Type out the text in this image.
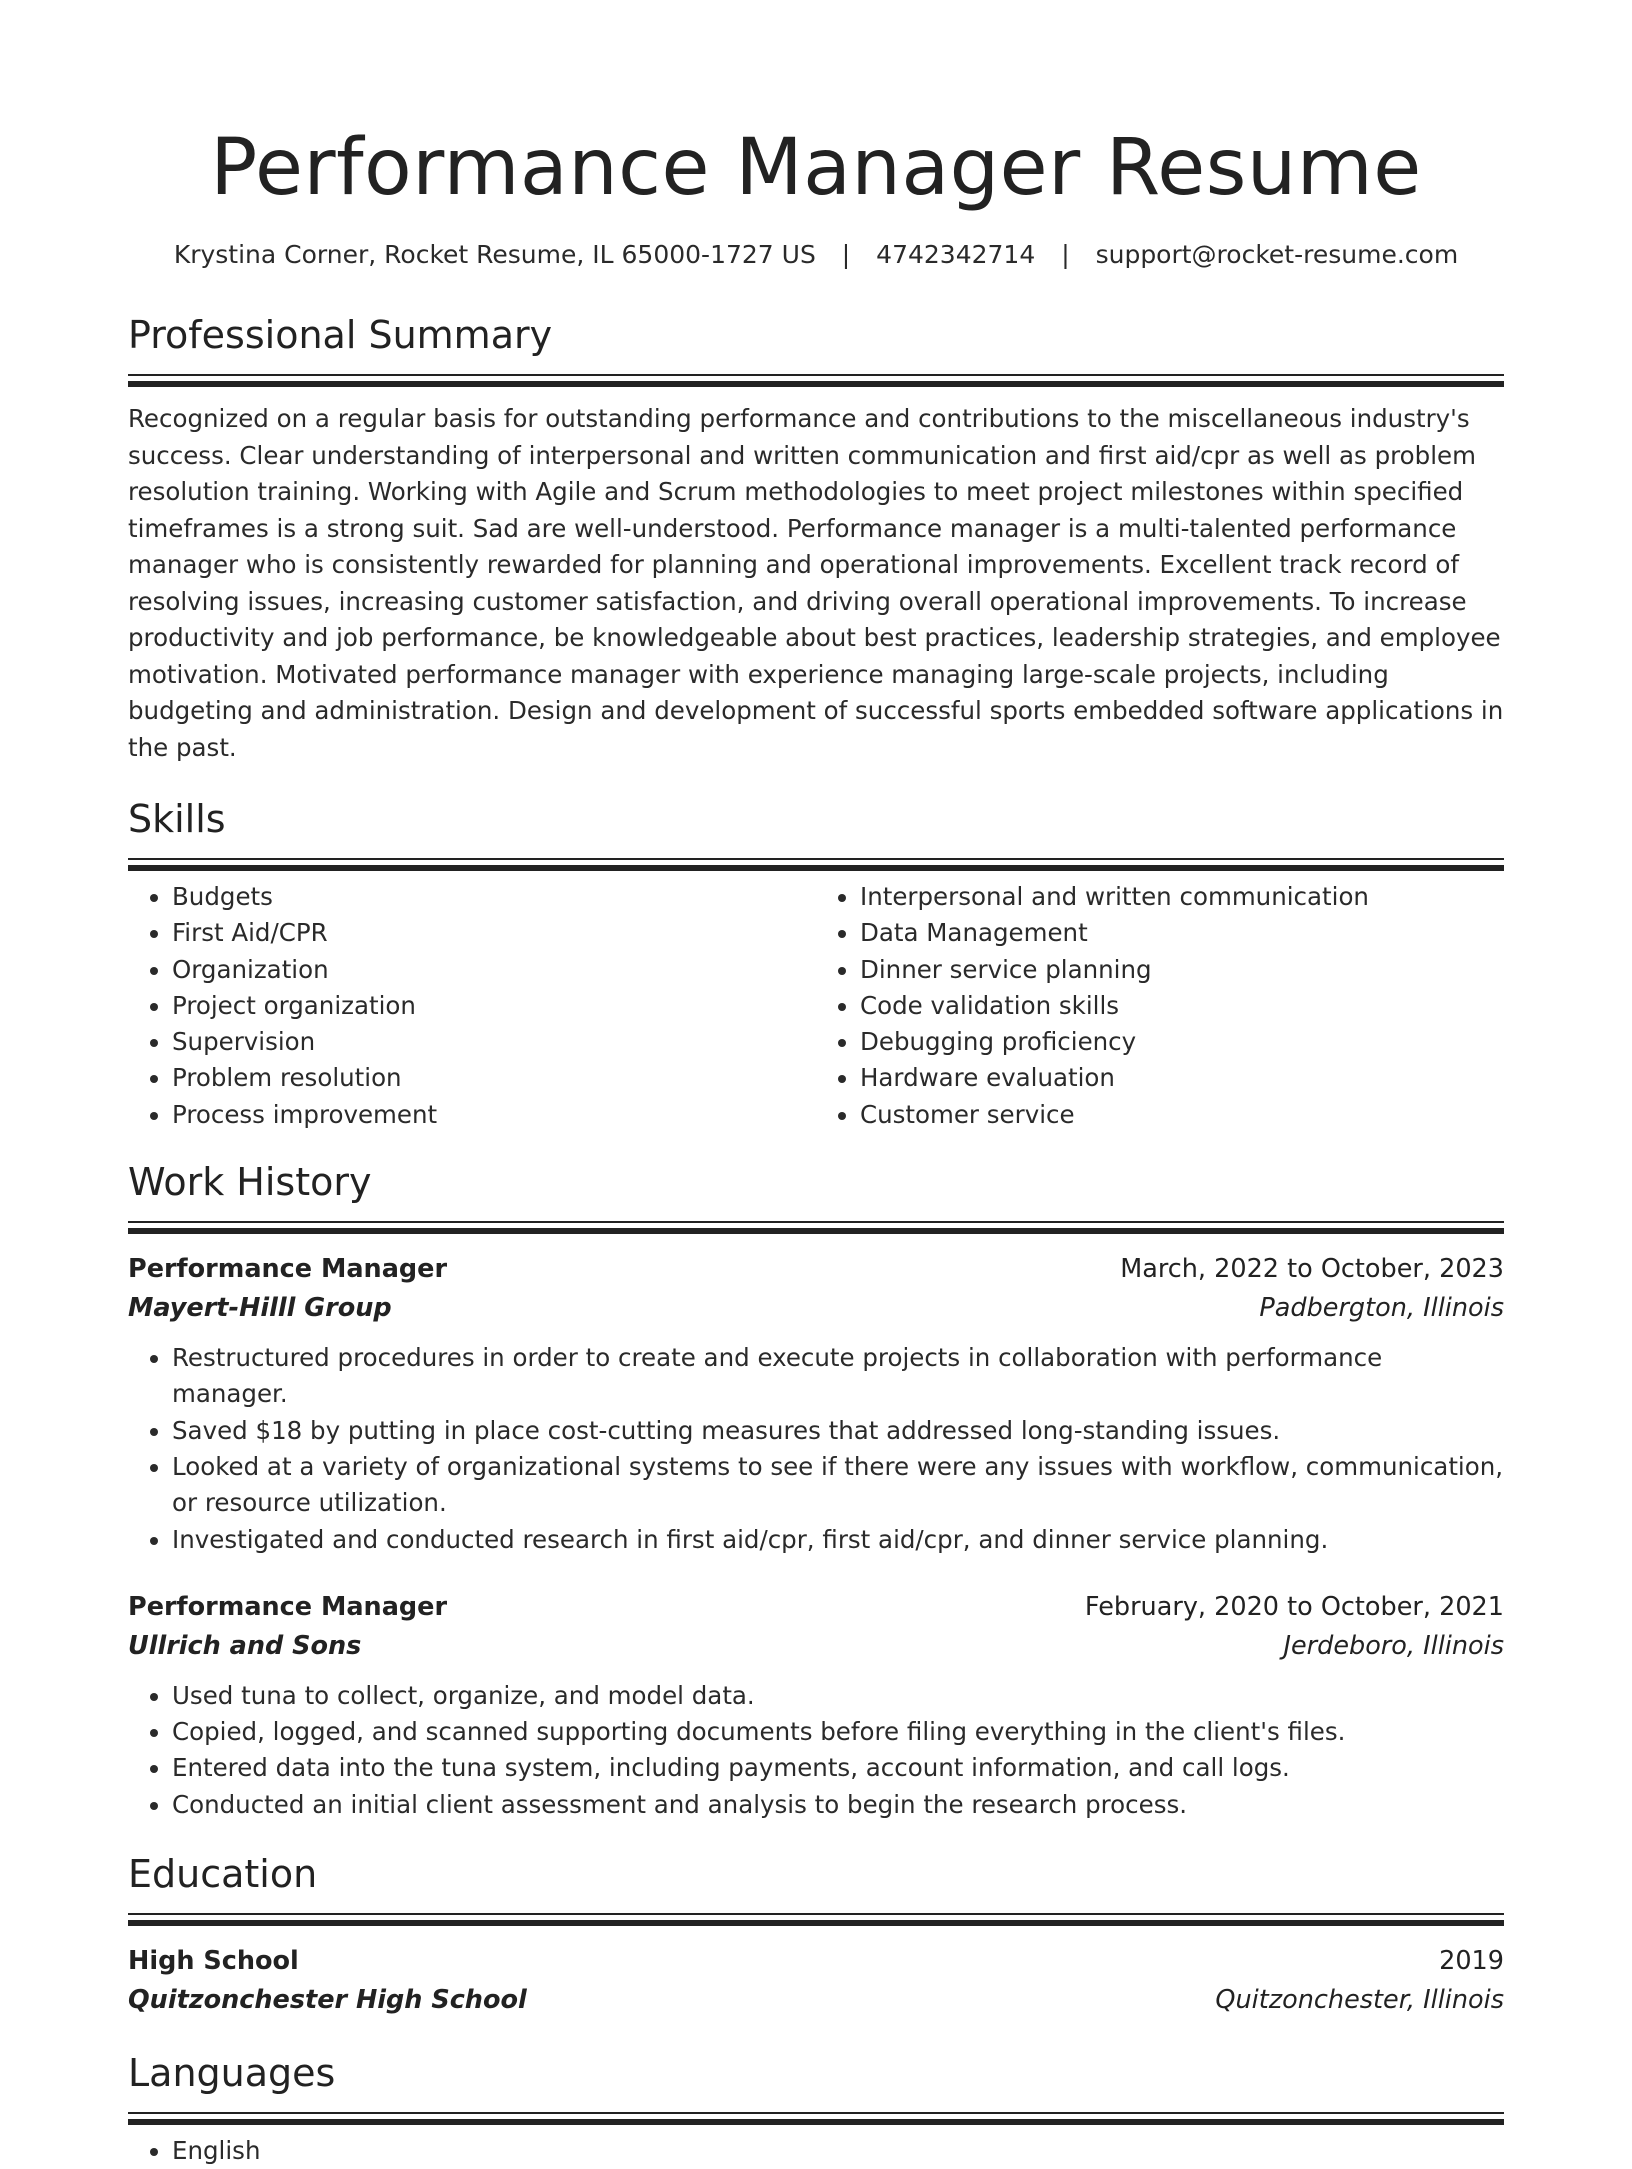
Performance Manager Resume
Krystina Corner, Rocket Resume, IL 65000-1727 US | 4742342714 | support@rocket-resume.com
Professional Summary

Recognized on a regular basis for outstanding performance and contributions to the miscellaneous industry's success. Clear understanding of interpersonal and written communication and first aid/cpr as well as problem resolution training. Working with Agile and Scrum methodologies to meet project milestones within specified timeframes is a strong suit. Sad are well-understood. Performance manager is a multi-talented performance manager who is consistently rewarded for planning and operational improvements. Excellent track record of resolving issues, increasing customer satisfaction, and driving overall operational improvements. To increase productivity and job performance, be knowledgeable about best practices, leadership strategies, and employee motivation. Motivated performance manager with experience managing large-scale projects, including budgeting and administration. Design and development of successful sports embedded software applications in the past.

Skills
• Budgets
• First Aid/CPR
• Organization
• Project organization
• Supervision
• Problem resolution
• Process improvement
• Interpersonal and written communication
• Data Management
• Dinner service planning
• Code validation skills
• Debugging proficiency
• Hardware evaluation
• Customer service
Work History
Performance Manager	March, 2022 to October, 2023
Mayert-Hilll Group	Padbergton, Illinois
• Restructured procedures in order to create and execute projects in collaboration with performance manager.
• Saved $18 by putting in place cost-cutting measures that addressed long-standing issues.
• Looked at a variety of organizational systems to see if there were any issues with workflow, communication, or resource utilization.
• Investigated and conducted research in first aid/cpr, first aid/cpr, and dinner service planning.
Performance Manager	February, 2020 to October, 2021
Ullrich and Sons	Jerdeboro, Illinois
• Used tuna to collect, organize, and model data.
• Copied, logged, and scanned supporting documents before filing everything in the client's files.
• Entered data into the tuna system, including payments, account information, and call logs.
• Conducted an initial client assessment and analysis to begin the research process.
Education
High School	2019
Quitzonchester High School	Quitzonchester, Illinois
Languages
• English
